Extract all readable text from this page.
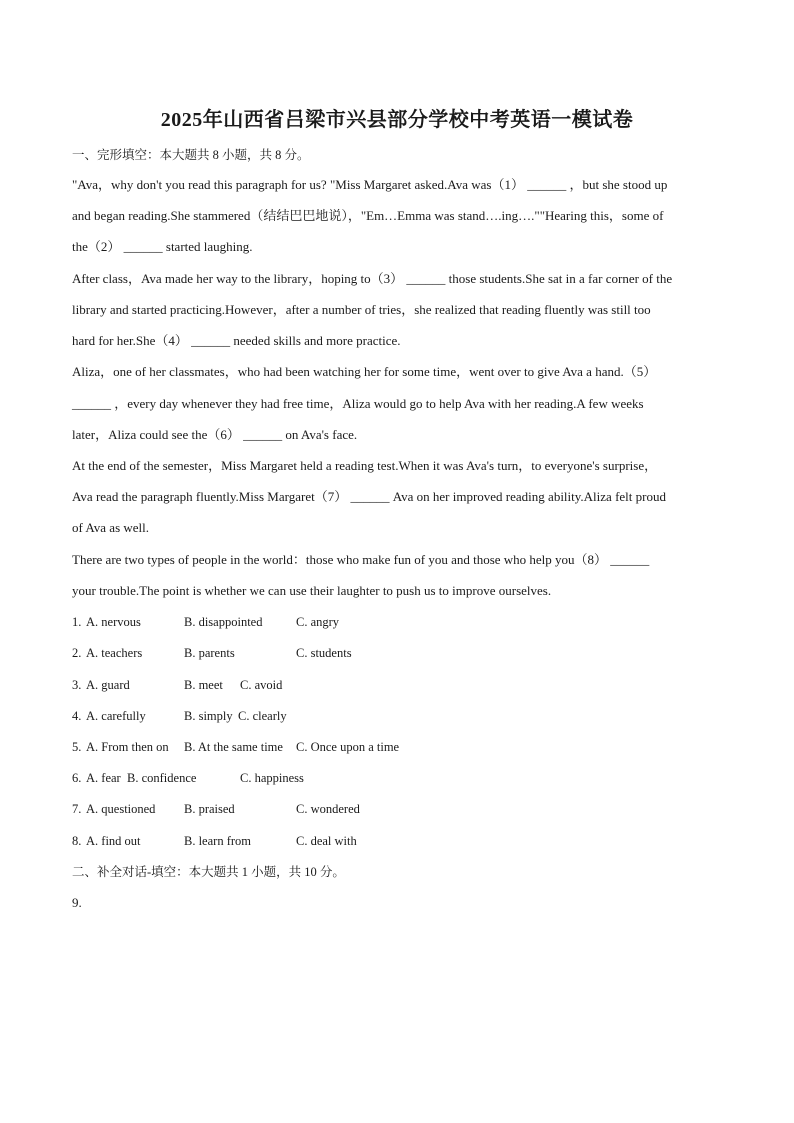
2025年山西省吕梁市兴县部分学校中考英语一模试卷
一、完形填空：本大题共 8 小题，共 8 分。
"Ava，why don't you read this paragraph for us? "Miss Margaret asked.Ava was（1） ______ ，but she stood up
and began reading.She stammered（结结巴巴地说），"Em…Emma was stand….ing….""Hearing this，some of
the（2） ______ started laughing.
After class，Ava made her way to the library，hoping to（3） ______ those students.She sat in a far corner of the
library and started practicing.However，after a number of tries，she realized that reading fluently was still too
hard for her.She（4） ______ needed skills and more practice.
Aliza，one of her classmates，who had been watching her for some time，went over to give Ava a hand.（5）
______ ，every day whenever they had free time，Aliza would go to help Ava with her reading.A few weeks
later，Aliza could see the（6） ______ on Ava's face.
At the end of the semester，Miss Margaret held a reading test.When it was Ava's turn，to everyone's surprise，
Ava read the paragraph fluently.Miss Margaret（7） ______ Ava on her improved reading ability.Aliza felt proud
of Ava as well.
There are two types of people in the world：those who make fun of you and those who help you（8） ______
your trouble.The point is whether we can use their laughter to push us to improve ourselves.
1. A. nervous	B. disappointed	C. angry
2. A. teachers	B. parents	C. students
3. A. guard	B. meet C. avoid
4. A. carefully	B. simply C. clearly
5. A. From then on B. At the same time C. Once upon a time
6. A. fear B. confidence	C. happiness
7. A. questioned B. praised	C. wondered
8. A. find out	B. learn from	C. deal with
二、补全对话-填空：本大题共 1 小题，共 10 分。
9.
